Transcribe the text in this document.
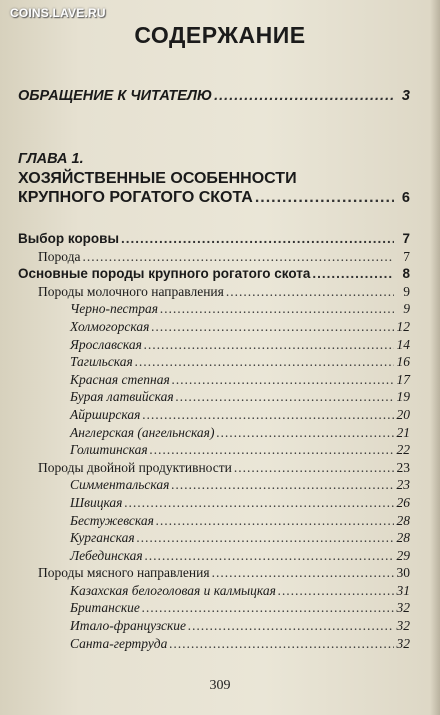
COINS.LAVE.RU
СОДЕРЖАНИЕ
ОБРАЩЕНИЕ К ЧИТАТЕЛЮ .....	3
ГЛАВА 1.
ХОЗЯЙСТВЕННЫЕ ОСОБЕННОСТИ
КРУПНОГО РОГАТОГО СКОТА .....	6
Выбор коровы .....	7
Порода .....	7
Основные породы крупного рогатого скота .....	8
Породы молочного направления .....	9
Черно-пестрая .....	9
Холмогорская .....	12
Ярославская .....	14
Тагильская .....	16
Красная степная .....	17
Бурая латвийская .....	19
Айрширская .....	20
Англерская (ангельнская) .....	21
Голштинская .....	22
Породы двойной продуктивности .....	23
Симментальская .....	23
Швицкая .....	26
Бестужевская .....	28
Курганская .....	28
Лебединская .....	29
Породы мясного направления .....	30
Казахская белоголовая и калмыцкая .....	31
Британские .....	32
Итало-французские .....	32
Санта-гертруда .....	32
309
